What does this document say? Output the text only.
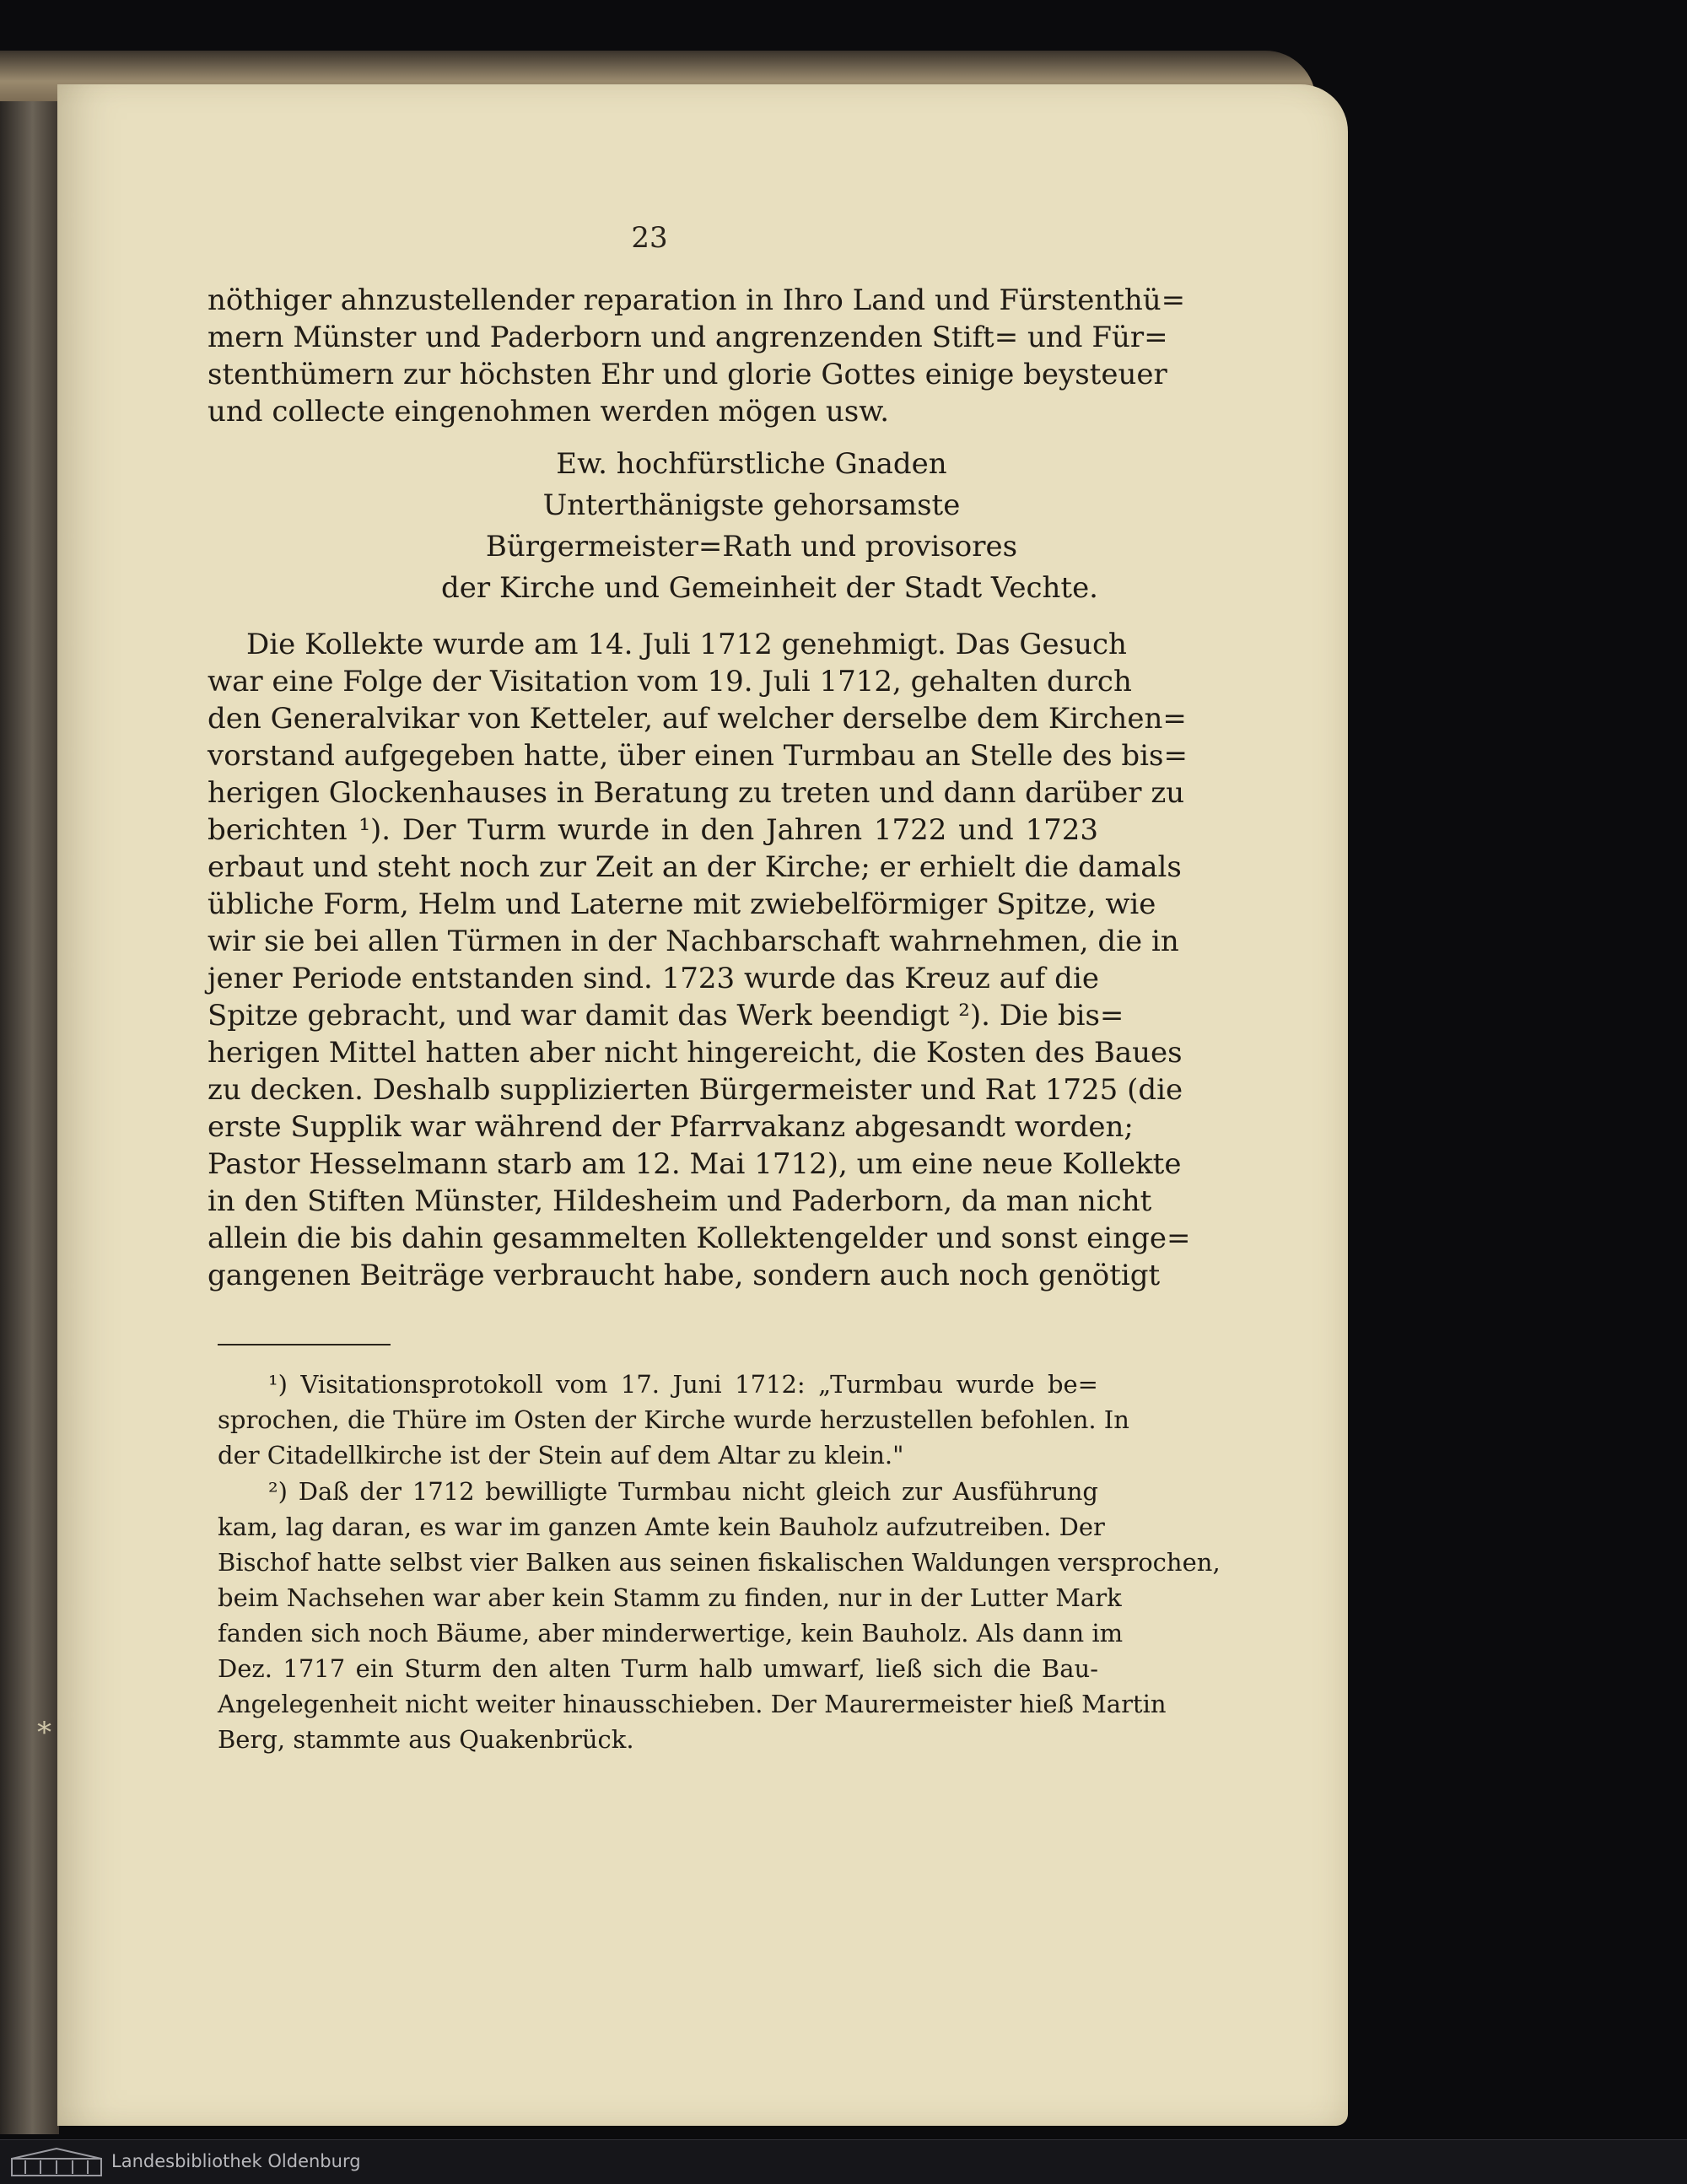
23
nöthiger ahnzustellender reparation in Ihro Land und Fürstenthü=
mern Münster und Paderborn und angrenzenden Stift= und Für=
stenthümern zur höchsten Ehr und glorie Gottes einige beysteuer
und collecte eingenohmen werden mögen usw.
Ew. hochfürstliche Gnaden
Unterthänigste gehorsamste
Bürgermeister=Rath und provisores
der Kirche und Gemeinheit der Stadt Vechte.
Die Kollekte wurde am 14. Juli 1712 genehmigt. Das Gesuch
war eine Folge der Visitation vom 19. Juli 1712, gehalten durch
den Generalvikar von Ketteler, auf welcher derselbe dem Kirchen=
vorstand aufgegeben hatte, über einen Turmbau an Stelle des bis=
herigen Glockenhauses in Beratung zu treten und dann darüber zu
berichten ¹). Der Turm wurde in den Jahren 1722 und 1723
erbaut und steht noch zur Zeit an der Kirche; er erhielt die damals
übliche Form, Helm und Laterne mit zwiebelförmiger Spitze, wie
wir sie bei allen Türmen in der Nachbarschaft wahrnehmen, die in
jener Periode entstanden sind. 1723 wurde das Kreuz auf die
Spitze gebracht, und war damit das Werk beendigt ²). Die bis=
herigen Mittel hatten aber nicht hingereicht, die Kosten des Baues
zu decken. Deshalb supplizierten Bürgermeister und Rat 1725 (die
erste Supplik war während der Pfarrvakanz abgesandt worden;
Pastor Hesselmann starb am 12. Mai 1712), um eine neue Kollekte
in den Stiften Münster, Hildesheim und Paderborn, da man nicht
allein die bis dahin gesammelten Kollektengelder und sonst einge=
gangenen Beiträge verbraucht habe, sondern auch noch genötigt
¹) Visitationsprotokoll vom 17. Juni 1712: „Turmbau wurde be=
sprochen, die Thüre im Osten der Kirche wurde herzustellen befohlen. In
der Citadellkirche ist der Stein auf dem Altar zu klein."
²) Daß der 1712 bewilligte Turmbau nicht gleich zur Ausführung
kam, lag daran, es war im ganzen Amte kein Bauholz aufzutreiben. Der
Bischof hatte selbst vier Balken aus seinen fiskalischen Waldungen versprochen,
beim Nachsehen war aber kein Stamm zu finden, nur in der Lutter Mark
fanden sich noch Bäume, aber minderwertige, kein Bauholz. Als dann im
Dez. 1717 ein Sturm den alten Turm halb umwarf, ließ sich die Bau-
Angelegenheit nicht weiter hinausschieben. Der Maurermeister hieß Martin
Berg, stammte aus Quakenbrück.
*
Landesbibliothek Oldenburg
